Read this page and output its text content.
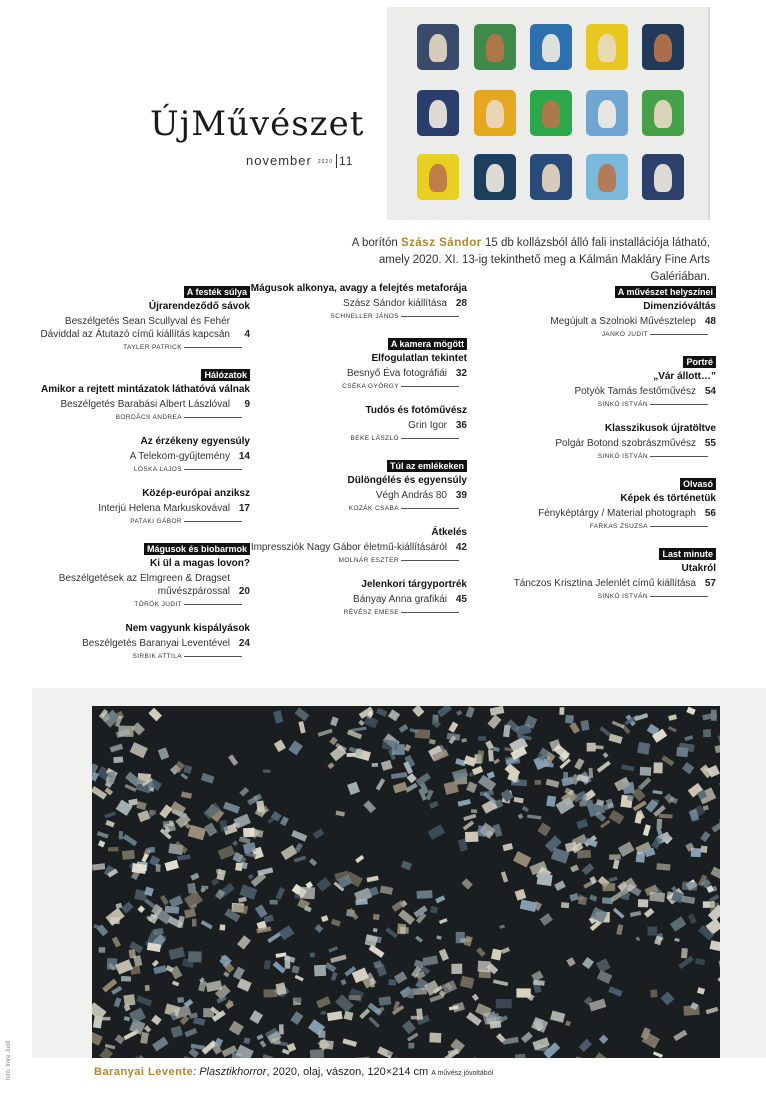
ÚjMűvészet
november 2020 11
A borítón Szász Sándor 15 db kollázsból álló fali installációja látható, amely 2020. XI. 13-ig tekinthető meg a Kálmán Makláry Fine Arts Galériában.
A festék súlya
Újrarendeződő sávok
Beszélgetés Sean Scullyval és Fehér Dáviddal az Átutazó című kiállítás kapcsán	4
TAYLER PATRICK
Hálózatok
Amikor a rejtett mintázatok láthatóvá válnak
Beszélgetés Barabási Albert Lászlóval	9
BORDÁCS ANDREA
Az érzékeny egyensúly
A Telekom-gyűjtemény 14
LÓSKA LAJOS
Közép-európai anziksz
Interjú Helena Markuskovával 17
PATAKI GÁBOR
Mágusok és biobarmok
Ki ül a magas lovon?
Beszélgetések az Elmgreen & Dragset művészpárossal 20
TÖRÖK JUDIT
Nem vagyunk kispályások
Beszélgetés Baranyai Leventével 24
SIRBIK ATTILA
Mágusok alkonya, avagy a felejtés metaforája
Szász Sándor kiállítása 28
SCHNELLER JÁNOS
A kamera mögött
Elfogulatlan tekintet
Besnyő Éva fotográfiái 32
CSÉKA GYÖRGY
Tudós és fotóművész
Grin Igor 36
BEKE LÁSZLÓ
Túl az emlékeken
Dülöngélés és egyensúly
Végh András 80 39
KOZÁK CSABA
Átkelés
Impressziók Nagy Gábor életmű-kiállításáról 42
MOLNÁR ESZTER
Jelenkori tárgyportrék
Bányay Anna grafikái 45
RÉVÉSZ EMESE
A művészet helyszínei
Dimenzióváltás
Megújult a Szolnoki Művésztelep 48
JANKÓ JUDIT
Portré
„Vár állott…”
Potyók Tamás festőművész 54
SINKÓ ISTVÁN
Klasszikusok újratöltve
Polgár Botond szobrászművész 55
SINKÓ ISTVÁN
Olvasó
Képek és történetük
Fényképtárgy / Material photograph 56
FARKAS ZSUZSA
Last minute
Utakról
Tánczos Krisztina Jelenlét című kiállítása 57
SINKÓ ISTVÁN
Baranyai Levente: Plasztikhorror, 2020, olaj, vászon, 120×214 cm A művész jóvoltából
fotó: Imre Judit
